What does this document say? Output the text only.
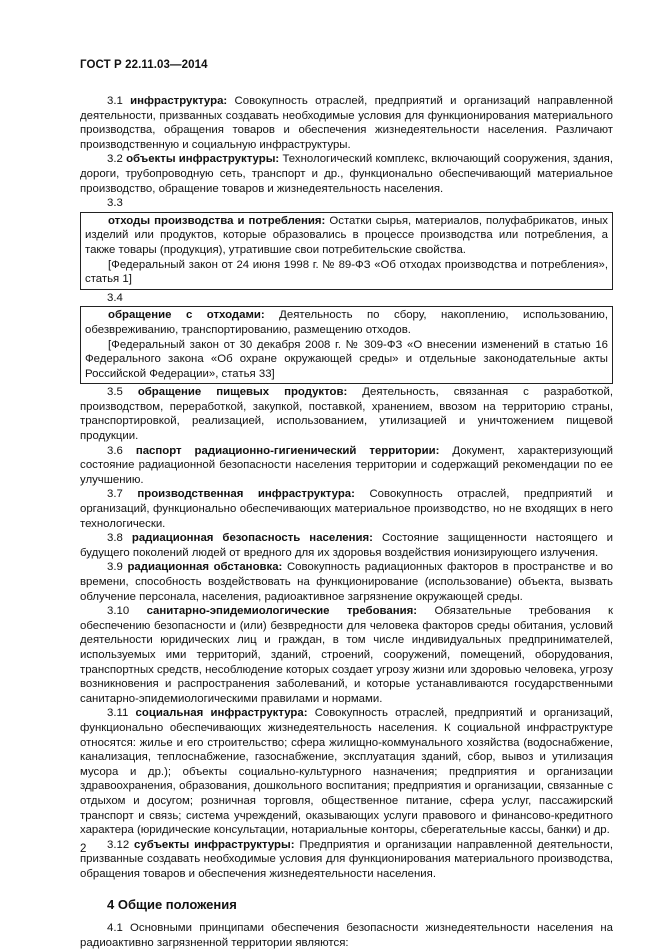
ГОСТ Р 22.11.03—2014

3.1 инфраструктура: Совокупность отраслей, предприятий и организаций направленной деятельности, призванных создавать необходимые условия для функционирования материального производства, обращения товаров и обеспечения жизнедеятельности населения. Различают производственную и социальную инфраструктуры.

3.2 объекты инфраструктуры: Технологический комплекс, включающий сооружения, здания, дороги, трубопроводную сеть, транспорт и др., функционально обеспечивающий материальное производство, обращение товаров и жизнедеятельность населения.

3.3

отходы производства и потребления: Остатки сырья, материалов, полуфабрикатов, иных изделий или продуктов, которые образовались в процессе производства или потребления, а также товары (продукция), утратившие свои потребительские свойства.

[Федеральный закон от 24 июня 1998 г. № 89-ФЗ «Об отходах производства и потребления», статья 1]

3.4

обращение с отходами: Деятельность по сбору, накоплению, использованию, обезвреживанию, транспортированию, размещению отходов.

[Федеральный закон от 30 декабря 2008 г. № 309-ФЗ «О внесении изменений в статью 16 Федерального закона «Об охране окружающей среды» и отдельные законодательные акты Российской Федерации», статья 33]

3.5 обращение пищевых продуктов: Деятельность, связанная с разработкой, производством, переработкой, закупкой, поставкой, хранением, ввозом на территорию страны, транспортировкой, реализацией, использованием, утилизацией и уничтожением пищевой продукции.

3.6 паспорт радиационно-гигиенический территории: Документ, характеризующий состояние радиационной безопасности населения территории и содержащий рекомендации по ее улучшению.

3.7 производственная инфраструктура: Совокупность отраслей, предприятий и организаций, функционально обеспечивающих материальное производство, но не входящих в него технологически.

3.8 радиационная безопасность населения: Состояние защищенности настоящего и будущего поколений людей от вредного для их здоровья воздействия ионизирующего излучения.

3.9 радиационная обстановка: Совокупность радиационных факторов в пространстве и во времени, способность воздействовать на функционирование (использование) объекта, вызвать облучение персонала, населения, радиоактивное загрязнение окружающей среды.

3.10 санитарно-эпидемиологические требования: Обязательные требования к обеспечению безопасности и (или) безвредности для человека факторов среды обитания, условий деятельности юридических лиц и граждан, в том числе индивидуальных предпринимателей, используемых ими территорий, зданий, строений, сооружений, помещений, оборудования, транспортных средств, несоблюдение которых создает угрозу жизни или здоровью человека, угрозу возникновения и распространения заболеваний, и которые устанавливаются государственными санитарно-эпидемиологическими правилами и нормами.

3.11 социальная инфраструктура: Совокупность отраслей, предприятий и организаций, функционально обеспечивающих жизнедеятельность населения. К социальной инфраструктуре относятся: жилье и его строительство; сфера жилищно-коммунального хозяйства (водоснабжение, канализация, теплоснабжение, газоснабжение, эксплуатация зданий, сбор, вывоз и утилизация мусора и др.); объекты социально-культурного назначения; предприятия и организации здравоохранения, образования, дошкольного воспитания; предприятия и организации, связанные с отдыхом и досугом; розничная торговля, общественное питание, сфера услуг, пассажирский транспорт и связь; система учреждений, оказывающих услуги правового и финансово-кредитного характера (юридические консультации, нотариальные конторы, сберегательные кассы, банки) и др.

3.12 субъекты инфраструктуры: Предприятия и организации направленной деятельности, призванные создавать необходимые условия для функционирования материального производства, обращения товаров и обеспечения жизнедеятельности населения.

4 Общие положения

4.1 Основными принципами обеспечения безопасности жизнедеятельности населения на радиоактивно загрязненной территории являются:

2
